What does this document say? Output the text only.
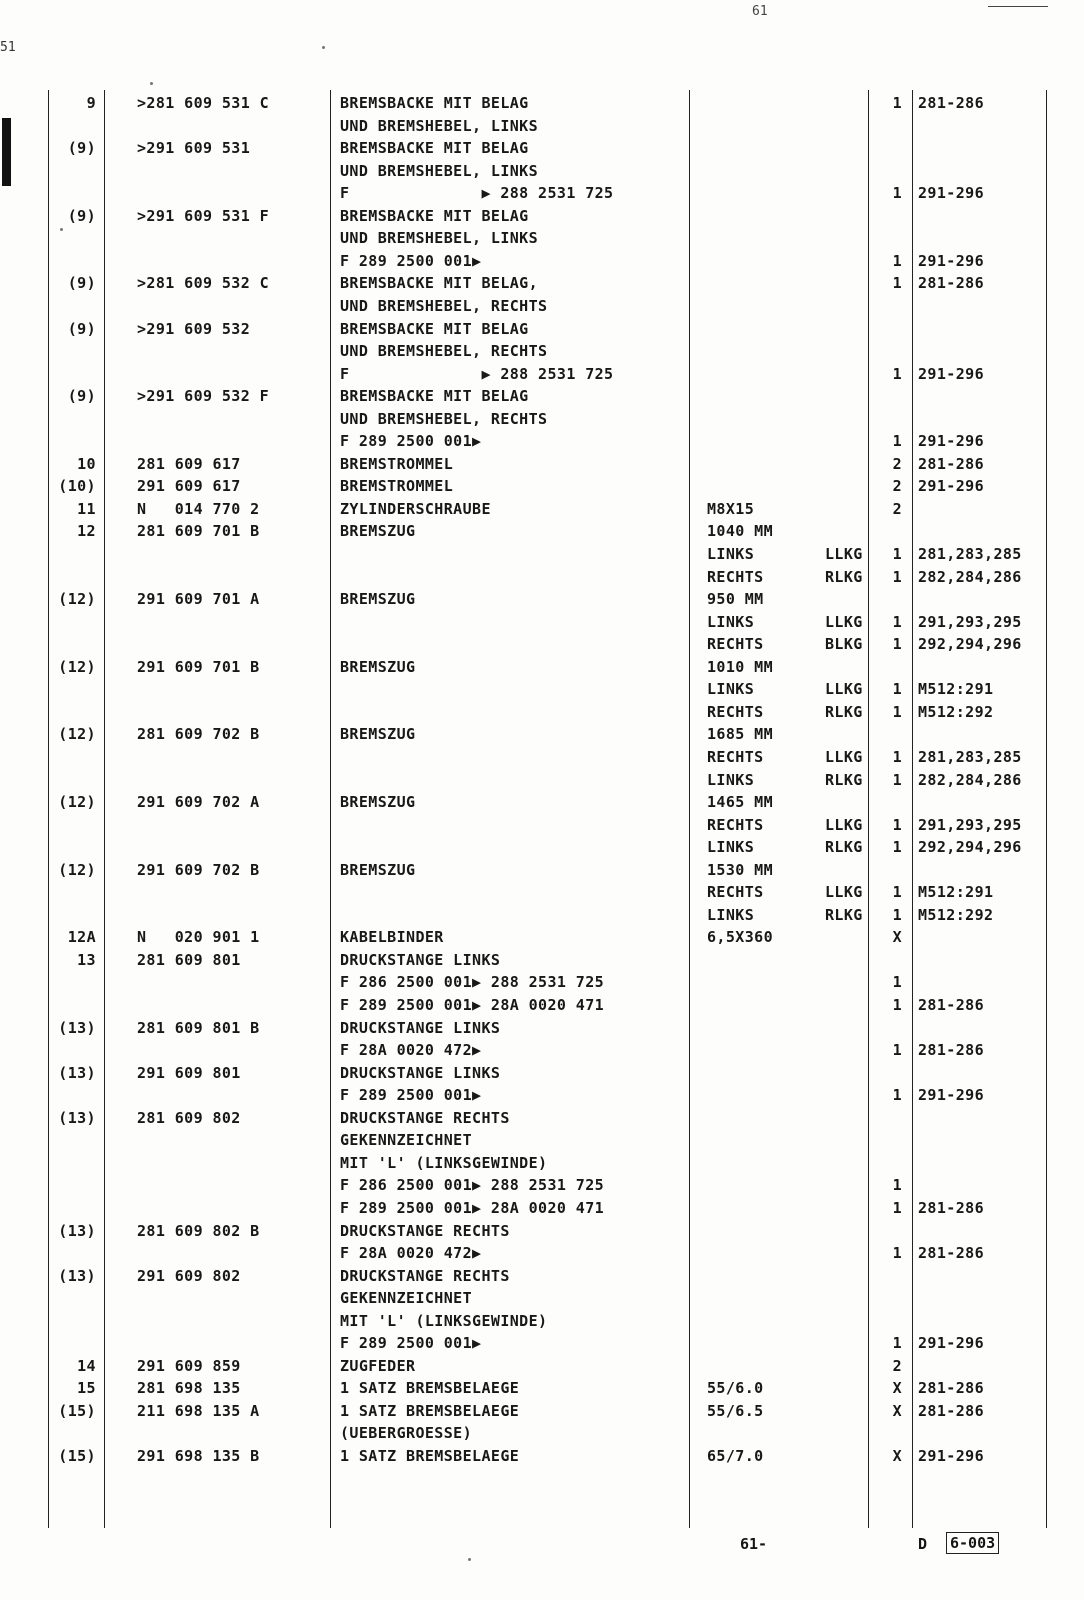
51
61
9	>281 609 531 C	BREMSBACKE MIT BELAG	1 281-286
UND BREMSHEBEL, LINKS
(9)	>291 609 531	BREMSBACKE MIT BELAG
UND BREMSHEBEL, LINKS
F              ▶ 288 2531 725	1 291-296
(9)	>291 609 531 F	BREMSBACKE MIT BELAG
UND BREMSHEBEL, LINKS
F 289 2500 001▶	1 291-296
(9)	>281 609 532 C	BREMSBACKE MIT BELAG,	1 281-286
UND BREMSHEBEL, RECHTS
(9)	>291 609 532	BREMSBACKE MIT BELAG
UND BREMSHEBEL, RECHTS
F              ▶ 288 2531 725	1 291-296
(9)	>291 609 532 F	BREMSBACKE MIT BELAG
UND BREMSHEBEL, RECHTS
F 289 2500 001▶	1 291-296
10	281 609 617	BREMSTROMMEL	2 281-286
(10)	291 609 617	BREMSTROMMEL	2 291-296
11	N   014 770 2	ZYLINDERSCHRAUBE	M8X15	2
12	281 609 701 B	BREMSZUG	1040 MM
LINKS	LLKG	1 281,283,285
RECHTS	RLKG	1 282,284,286
(12)	291 609 701 A	BREMSZUG	950 MM
LINKS	LLKG	1 291,293,295
RECHTS	BLKG	1 292,294,296
(12)	291 609 701 B	BREMSZUG	1010 MM
LINKS	LLKG	1 M512:291
RECHTS	RLKG	1 M512:292
(12)	281 609 702 B	BREMSZUG	1685 MM
RECHTS	LLKG	1 281,283,285
LINKS	RLKG	1 282,284,286
(12)	291 609 702 A	BREMSZUG	1465 MM
RECHTS	LLKG	1 291,293,295
LINKS	RLKG	1 292,294,296
(12)	291 609 702 B	BREMSZUG	1530 MM
RECHTS	LLKG	1 M512:291
LINKS	RLKG	1 M512:292
12A	N   020 901 1	KABELBINDER	6,5X360	X
13	281 609 801	DRUCKSTANGE LINKS
F 286 2500 001▶ 288 2531 725	1
F 289 2500 001▶ 28A 0020 471	1 281-286
(13)	281 609 801 B	DRUCKSTANGE LINKS
F 28A 0020 472▶	1 281-286
(13)	291 609 801	DRUCKSTANGE LINKS
F 289 2500 001▶	1 291-296
(13)	281 609 802	DRUCKSTANGE RECHTS
GEKENNZEICHNET
MIT 'L' (LINKSGEWINDE)
F 286 2500 001▶ 288 2531 725	1
F 289 2500 001▶ 28A 0020 471	1 281-286
(13)	281 609 802 B	DRUCKSTANGE RECHTS
F 28A 0020 472▶	1 281-286
(13)	291 609 802	DRUCKSTANGE RECHTS
GEKENNZEICHNET
MIT 'L' (LINKSGEWINDE)
F 289 2500 001▶	1 291-296
14	291 609 859	ZUGFEDER	2
15	281 698 135	1 SATZ BREMSBELAEGE	55/6.0	X 281-286
(15)	211 698 135 A	1 SATZ BREMSBELAEGE	55/6.5	X 281-286
(UEBERGROESSE)
(15)	291 698 135 B	1 SATZ BREMSBELAEGE	65/7.0	X 291-296
61-	D 6-003
